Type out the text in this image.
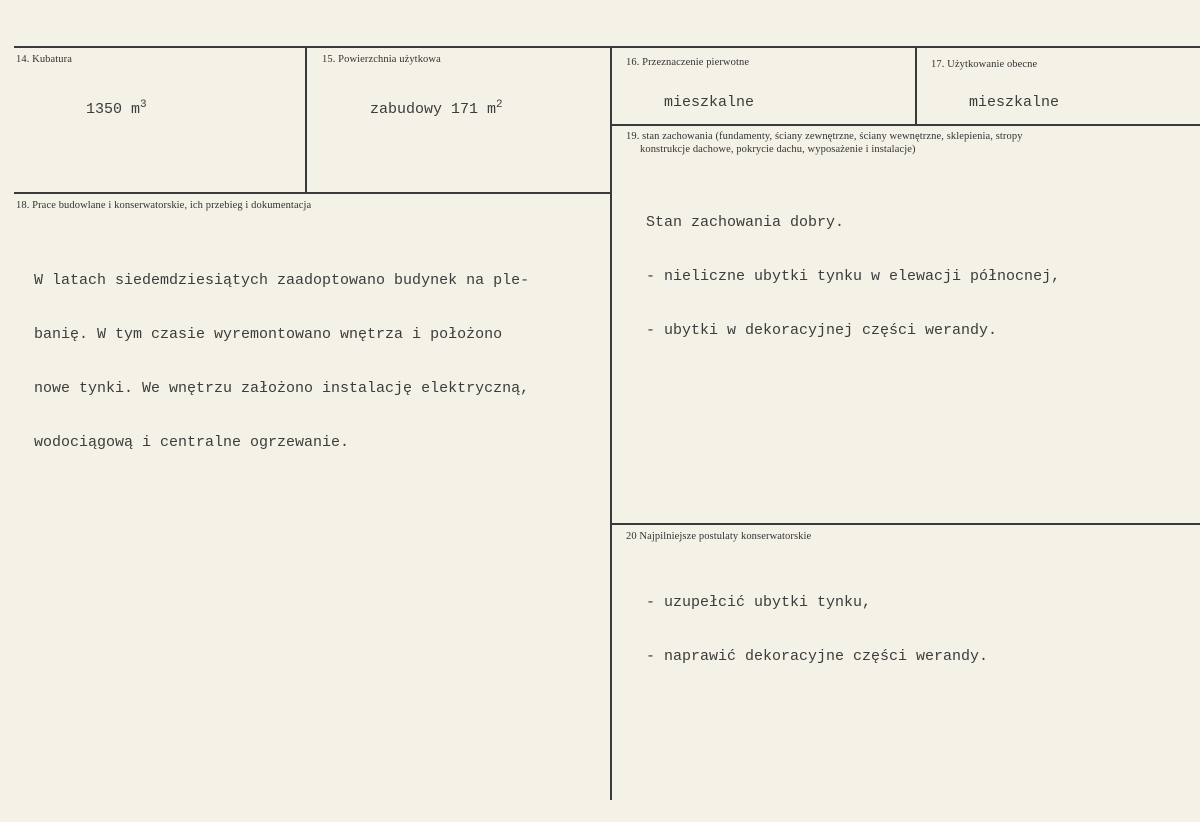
14. Kubatura
1350 $m^3$
15. Powierzchnia użytkowa
zabudowy 171 $m^2$
16. Przeznaczenie pierwotne
mieszkalne
17. Użytkowanie obecne
mieszkalne
18. Prace budowlane i konserwatorskie, ich przebieg i dokumentacja

W latach siedemdziesiątych zaadoptowano budynek na ple-

banię. W tym czasie wyremontowano wnętrza i położono

nowe tynki. We wnętrzu założono instalację elektryczną,

wodociągową i centralne ogrzewanie.

19. stan zachowania (fundamenty, ściany zewnętrzne, ściany wewnętrzne, sklepienia, stropy
konstrukcje dachowe, pokrycie dachu, wyposażenie i instalacje)

Stan zachowania dobry.

- nieliczne ubytki tynku w elewacji północnej,

- ubytki w dekoracyjnej części werandy.

20 Najpilniejsze postulaty konserwatorskie

- uzupełcić ubytki tynku,

- naprawić dekoracyjne części werandy.
